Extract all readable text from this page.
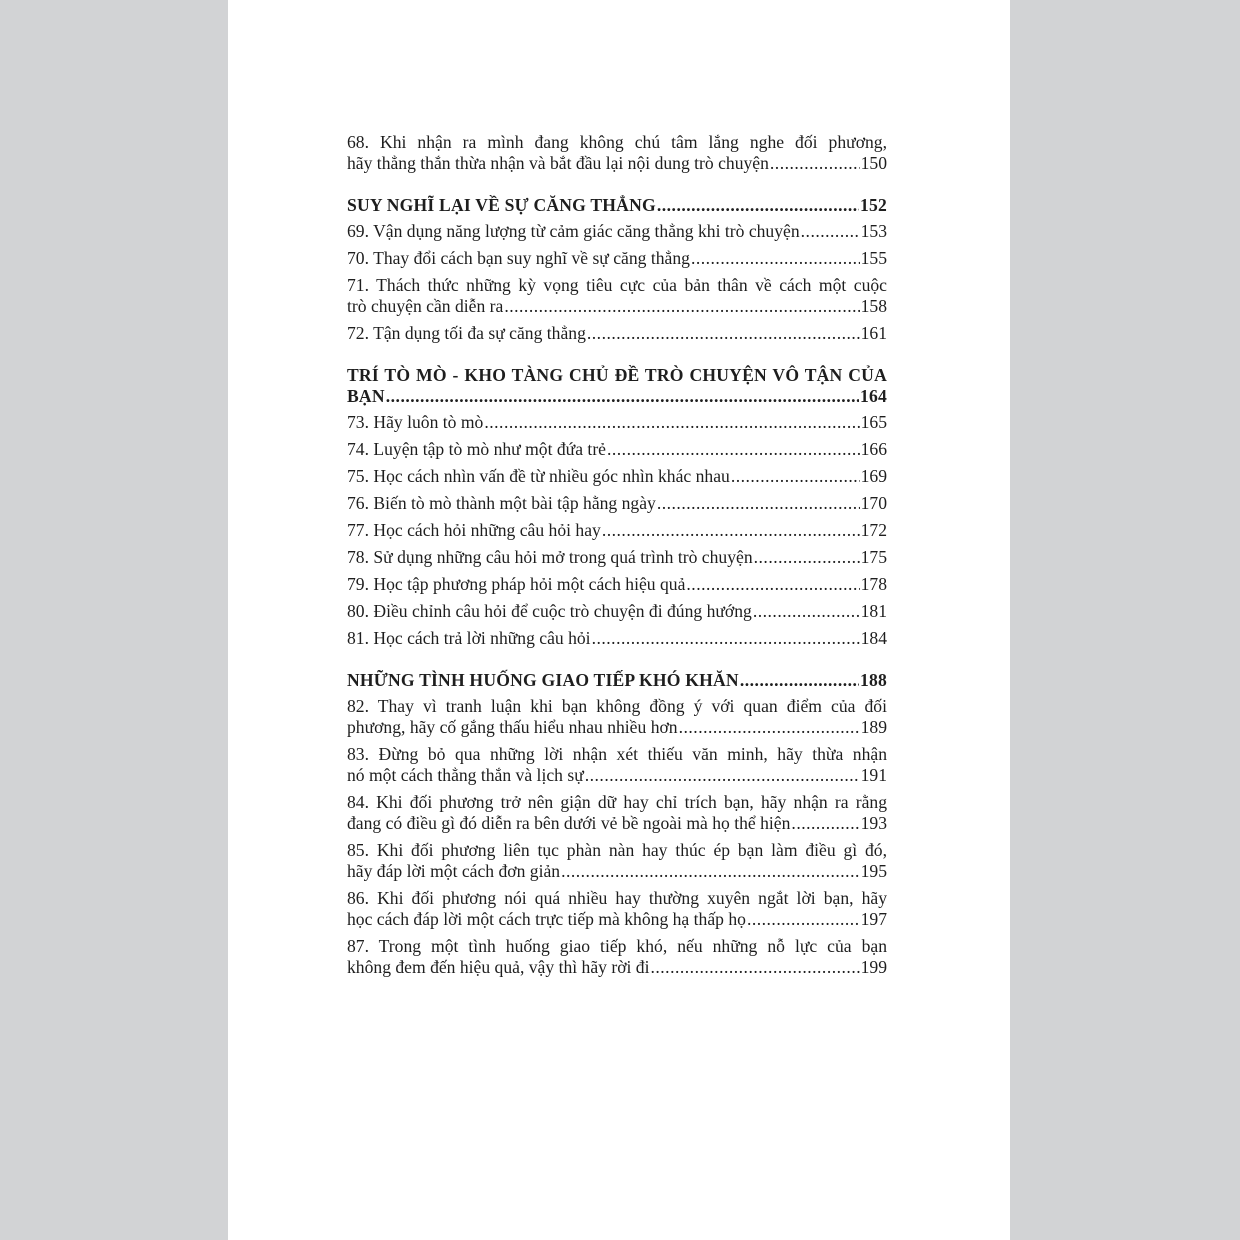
68. Khi nhận ra mình đang không chú tâm lắng nghe đối phương,
hãy thẳng thắn thừa nhận và bắt đầu lại nội dung trò chuyện .....	150
SUY NGHĨ LẠI VỀ SỰ CĂNG THẲNG .....	152
69. Vận dụng năng lượng từ cảm giác căng thẳng khi trò chuyện .....	153
70. Thay đổi cách bạn suy nghĩ về sự căng thẳng .....	155
71. Thách thức những kỳ vọng tiêu cực của bản thân về cách một cuộc
trò chuyện cần diễn ra .....	158
72. Tận dụng tối đa sự căng thẳng .....	161
TRÍ TÒ MÒ - KHO TÀNG CHỦ ĐỀ TRÒ CHUYỆN VÔ TẬN CỦA
BẠN .....	164
73. Hãy luôn tò mò .....	165
74. Luyện tập tò mò như một đứa trẻ .....	166
75. Học cách nhìn vấn đề từ nhiều góc nhìn khác nhau .....	169
76. Biến tò mò thành một bài tập hằng ngày .....	170
77. Học cách hỏi những câu hỏi hay .....	172
78. Sử dụng những câu hỏi mở trong quá trình trò chuyện .....	175
79. Học tập phương pháp hỏi một cách hiệu quả .....	178
80. Điều chỉnh câu hỏi để cuộc trò chuyện đi đúng hướng .....	181
81. Học cách trả lời những câu hỏi .....	184
NHỮNG TÌNH HUỐNG GIAO TIẾP KHÓ KHĂN .....	188
82. Thay vì tranh luận khi bạn không đồng ý với quan điểm của đối
phương, hãy cố gắng thấu hiểu nhau nhiều hơn .....	189
83. Đừng bỏ qua những lời nhận xét thiếu văn minh, hãy thừa nhận
nó một cách thẳng thắn và lịch sự .....	191
84. Khi đối phương trở nên giận dữ hay chỉ trích bạn, hãy nhận ra rằng
đang có điều gì đó diễn ra bên dưới vẻ bề ngoài mà họ thể hiện .....	193
85. Khi đối phương liên tục phàn nàn hay thúc ép bạn làm điều gì đó,
hãy đáp lời một cách đơn giản .....	195
86. Khi đối phương nói quá nhiều hay thường xuyên ngắt lời bạn, hãy
học cách đáp lời một cách trực tiếp mà không hạ thấp họ .....	197
87. Trong một tình huống giao tiếp khó, nếu những nỗ lực của bạn
không đem đến hiệu quả, vậy thì hãy rời đi .....	199
